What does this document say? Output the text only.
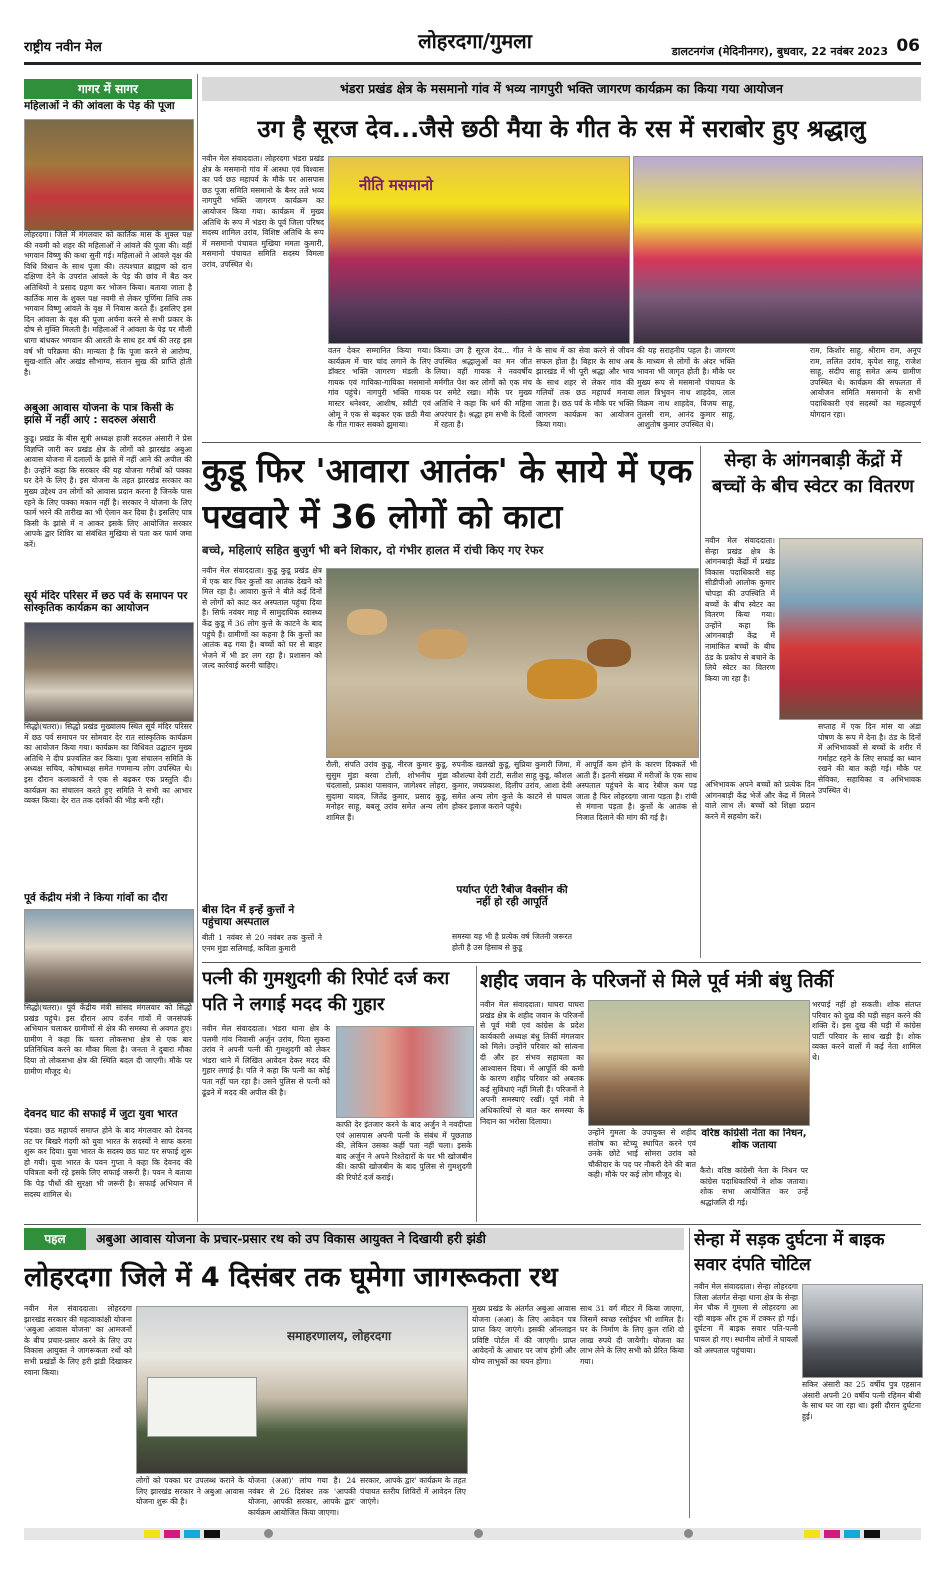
राष्ट्रीय नवीन मेल	लोहरदगा/गुमला	डालटनगंज (मेदिनीनगर), बुधवार, 22 नवंबर 2023 06
गागर में सागर
महिलाओं ने की आंवला के पेड़ की पूजा
लोहरदगा। जिले में मंगलवार को कार्तिक मास के शुक्ल पक्ष की नवमी को शहर की महिलाओं ने आंवले की पूजा की। वहीं भगवान विष्णु की कथा सुनी गई। महिलाओं ने आंवले वृक्ष की विधि विधान के साथ पूजा की। तत्पश्चात ब्राह्मण को दान दक्षिणा देने के उपरांत आंवले के पेड़ की छांव में बैठ कर अतिथियों ने प्रसाद ग्रहण कर भोजन किया। बताया जाता है कार्तिक मास के शुक्ल पक्ष नवमी से लेकर पूर्णिमा तिथि तक भगवान विष्णु आंवले के वृक्ष में निवास करते हैं। इसलिए इस दिन आंवला के वृक्ष की पूजा अर्चना करने से सभी प्रकार के दोष से मुक्ति मिलती है। महिलाओं ने आंवला के पेड़ पर मौली धागा बांधकर भगवान की आरती के साथ हर वर्ष की तरह इस वर्ष भी परिक्रमा की। मान्यता है कि पूजा करने से आरोग्य, सुख-शांति और अखंड सौभाग्य, संतान सुख की प्राप्ति होती है।
अबुआ आवास योजना के पात्र किसी के झांसे में नहीं आएं : सदरुल अंसारी
कुडू। प्रखंड के बीस सूत्री अध्यक्ष हाजी सदरुल अंसारी ने प्रेस विज्ञप्ति जारी कर प्रखंड क्षेत्र के लोगों को झारखंड अबुआ आवास योजना में दलालों के झांसे में नहीं आने की अपील की है। उन्होंने कहा कि सरकार की यह योजना गरीबों को पक्का घर देने के लिए है। इस योजना के तहत झारखंड सरकार का मुख्य उद्देश्य उन लोगों को आवास प्रदान करना है जिनके पास रहने के लिए पक्का मकान नहीं है। सरकार ने योजना के लिए फार्म भरने की तारीख का भी ऐलान कर दिया है। इसलिए पात्र किसी के झांसे में न आकर इसके लिए आयोजित सरकार आपके द्वार शिविर या संबंधित मुखिया से पता कर फार्म जमा करें।
सूर्य मंदिर परिसर में छठ पर्व के समापन पर सांस्कृतिक कार्यक्रम का आयोजन
सिद्धो(चतरा)। सिद्धो प्रखंड मुख्यालय स्थित सूर्य मंदिर परिसर में छठ पर्व समापन पर सोमवार देर रात सांस्कृतिक कार्यक्रम का आयोजन किया गया। कार्यक्रम का विधिवत उद्घाटन मुख्य अतिथि ने दीप प्रज्वलित कर किया। पूजा संचालन समिति के अध्यक्ष सचिव, कोषाध्यक्ष समेत गणमान्य लोग उपस्थित थे। इस दौरान कलाकारों ने एक से बढ़कर एक प्रस्तुति दी। कार्यक्रम का संचालन करते हुए समिति ने सभी का आभार व्यक्त किया। देर रात तक दर्शकों की भीड़ बनी रही।
पूर्व केंद्रीय मंत्री ने किया गांवों का दौरा
सिद्धो(चतरा)। पूर्व केंद्रीय मंत्री सांसद मंगलवार को सिद्धो प्रखंड पहुंचे। इस दौरान आप दर्जन गांवों में जनसंपर्क अभियान चलाकर ग्रामीणों से क्षेत्र की समस्या से अवगत हुए। ग्रामीण ने कहा कि चतरा लोकसभा क्षेत्र से एक बार प्रतिनिधित्व करने का मौका मिला है। जनता ने दुबारा मौका दिया तो लोकसभा क्षेत्र की स्थिति बदल दी जाएगी। मौके पर ग्रामीण मौजूद थे।
देवनद घाट की सफाई में जुटा युवा भारत
चंदवा। छठ महापर्व समाप्त होने के बाद मंगलवार को देवनद तट पर बिखरे गंदगी को युवा भारत के सदस्यों ने साफ करना शुरू कर दिया। युवा भारत के सदस्य छठ घाट पर सफाई शुरू हो गयी। युवा भारत के पवन गुप्ता ने कहा कि देवनद की पवित्रता बनी रहे इसके लिए सफाई जरूरी है। पवन ने बताया कि पेड़ पौधों की सुरक्षा भी जरूरी है। सफाई अभियान में सदस्य शामिल थे।
भंडरा प्रखंड क्षेत्र के मसमानो गांव में भव्य नागपुरी भक्ति जागरण कार्यक्रम का किया गया आयोजन
उग है सूरज देव...जैसे छठी मैया के गीत के रस में सराबोर हुए श्रद्धालु
नवीन मेल संवाददाता। लोहरदगा भंडरा प्रखंड क्षेत्र के मसमानो गांव में आस्था एवं विश्वास का पर्व छठ महापर्व के मौके पर आसपास छठ पूजा समिति मसमानो के बैनर तले भव्य नागपुरी भक्ति जागरण कार्यक्रम का आयोजन किया गया। कार्यक्रम में मुख्य अतिथि के रूप में भंडरा के पूर्व जिला परिषद सदस्य शामिल उरांव, विशिष्ट अतिथि के रूप में मसमानो पंचायत मुखिया ममता कुमारी, मसमानो पंचायत समिति सदस्य विमला उरांव, उपस्थित थे।
नीति मसमानो
वतन देकर सम्मानित किया गया। कार्यक्रम में चार चांद लगाने के लिए डॉक्टर भक्ति जागरण मंडली के गायक एवं गायिका-गायिका मसमानो गांव पहुंचे। नागपुरी भक्ति गायक मास्टर धनेश्वर, आशीष, स्वीटी एवं ओमू ने एक से बढ़कर एक छठी मैया के गीत गाकर सबको झुमाया।
किया। उग है सूरज देव... गीत ने उपस्थित श्रद्धालुओं का मन जीत लिया। वहीं गायक ने नववर्षीय मर्मगीत पेश कर लोगों को एक मंच पर समेटे रखा। मौके पर मुख्य अतिथि ने कहा कि धर्म की महिमा अपरंपार है। श्रद्धा हम सभी के दिलों में रहता है।
के साथ में का सेवा करने से जीवन सफल होता है। बिहार के साथ अब झारखंड में भी पूरी श्रद्धा और भाव के साथ शहर से लेकर गांव की गलियों तक छठ महापर्व मनाया जाता है। छठ पर्व के मौके पर भक्ति जागरण कार्यक्रम का आयोजन किया गया।
की यह सराहनीय पहल है। जागरण के माध्यम से लोगों के अंदर भक्ति भावना भी जागृत होती है। मौके पर मुख्य रूप से मसमानो पंचायत के लाल त्रिभुवन नाथ शाहदेव, लाल विक्रम नाथ शाहदेव, विजय साहू, तुलसी राम, आनंद कुमार साहू, आशुतोष कुमार उपस्थित थे।
राम, किशोर साहू, श्रीराम राम, अनूप राम, ललित उरांव, कृपेश साहू, राजेश साहू, संदीप साहू समेत अन्य ग्रामीण उपस्थित थे। कार्यक्रम की सफलता में आयोजन समिति मसमानो के सभी पदाधिकारी एवं सदस्यों का महत्वपूर्ण योगदान रहा।
कुडू फिर 'आवारा आतंक' के साये में एक पखवारे में 36 लोगों को काटा
बच्चे, महिलाएं सहित बुजुर्ग भी बने शिकार, दो गंभीर हालत में रांची किए गए रेफर
नवीन मेल संवाददाता। कुडू कुडू प्रखंड क्षेत्र में एक बार फिर कुत्तों का आतंक देखने को मिल रहा है। आवारा कुत्ते ने बीते कई दिनों से लोगों को काट कर अस्पताल पहुंचा दिया है। सिर्फ नवंबर माह में सामुदायिक स्वास्थ्य केंद्र कुडू में 36 लोग कुत्ते के काटने के बाद पहुंचे हैं। ग्रामीणों का कहना है कि कुत्तों का आतंक बढ़ गया है। बच्चों को घर से बाहर भेजने में भी डर लग रहा है। प्रशासन को जल्द कार्रवाई करनी चाहिए।
बीस दिन में इन्हें कुत्तों ने पहुंचाया अस्पताल
बीती 1 नवंबर से 20 नवंबर तक कुत्तों ने एनम मुंडा सलिमाई, कविता कुमारी
रौली, संपति उरांव कुडू, नीरज कुमार कुडू, सुसुम मुंडा बरवा टोली, शोभनीय मुंडा चंदलासो, प्रकाश पासवान, जागेश्वर लोहरा, सुदामा यादव, जितेंद्र कुमार, प्रसाद कुडू, मनोहर साहू, बबलू उरांव समेत अन्य लोग शामिल हैं।
रुपनीक खलखो कुडू, सुप्रिया कुमारी जिमा, कौशल्या देवी टाटी, सतीश साहू कुडू, कौशल कुमार, जयप्रकाश, दिलीप उरांव, आशा देवी समेत अन्य लोग कुत्ते के काटने से घायल होकर इलाज कराने पहुंचे।
पर्याप्त एंटी रैबीज वैक्सीन की नहीं हो रही आपूर्ति
समस्या यह भी है प्रत्येक वर्ष जितनी जरूरत होती है उस हिसाब से कुडू
में आपूर्ति कम होने के कारण दिक्कतें भी आती हैं। इतनी संख्या में मरीजों के एक साथ अस्पताल पहुंचने के बाद रेबीज कम पड़ जाता है फिर लोहरदगा जाना पड़ता है। रांची से मंगाना पड़ता है। कुत्तों के आतंक से निजात दिलाने की मांग की गई है।
सेन्हा के आंगनबाड़ी केंद्रों में बच्चों के बीच स्वेटर का वितरण
नवीन मेल संवाददाता। सेन्हा प्रखंड क्षेत्र के आंगनबाड़ी केंद्रों में प्रखंड विकास पदाधिकारी सह सीडीपीओ आलोक कुमार चोपड़ा की उपस्थिति में बच्चों के बीच स्वेटर का वितरण किया गया। उन्होंने कहा कि आंगनबाड़ी केंद्र में नामांकित बच्चों के बीच ठंड के प्रकोप से बचाने के लिये स्वेटर का वितरण किया जा रहा है।
अभिभावक अपने बच्चों को प्रत्येक दिन आंगनबाड़ी केंद्र भेजें और केंद्र में मिलने वाले लाभ लें। बच्चों को शिक्षा प्रदान करने में सहयोग करें।
सप्ताह में एक दिन मांस या अंडा पोषण के रूप में देना है। ठंड के दिनों में अभिभावकों से बच्चों के शरीर में गर्माहट रहने के लिए सफाई का ध्यान रखने की बात कही गई। मौके पर सेविका, सहायिका व अभिभावक उपस्थित थे।
पत्नी की गुमशुदगी की रिपोर्ट दर्ज करा पति ने लगाई मदद की गुहार
नवीन मेल संवाददाता। भंडरा थाना क्षेत्र के पलमी गांव निवासी अर्जुन उरांव, पिता सुकरा उरांव ने अपनी पत्नी की गुमशुदगी को लेकर भंडरा थाने में लिखित आवेदन देकर मदद की गुहार लगाई है। पति ने कहा कि पत्नी का कोई पता नहीं चल रहा है। उसने पुलिस से पत्नी को ढूंढने में मदद की अपील की है।
काफी देर इंतजार करने के बाद अर्जुन ने नवदीप्ता एवं आसपास अपनी पत्नी के संबंध में पूछताछ की, लेकिन उसका कहीं पता नहीं चला। इसके बाद अर्जुन ने अपने रिश्तेदारों के घर भी खोजबीन की। काफी खोजबीन के बाद पुलिस से गुमशुदगी की रिपोर्ट दर्ज कराई।
शहीद जवान के परिजनों से मिले पूर्व मंत्री बंधु तिर्की
नवीन मेल संवाददाता। घाघरा घाघरा प्रखंड क्षेत्र के शहीद जवान के परिजनों से पूर्व मंत्री एवं कांग्रेस के प्रदेश कार्यकारी अध्यक्ष बंधु तिर्की मंगलवार को मिले। उन्होंने परिवार को सांत्वना दी और हर संभव सहायता का आश्वासन दिया। में आपूर्ति की कमी के कारण शहीद परिवार को अबतक कई सुविधाएं नहीं मिली हैं। परिजनों ने अपनी समस्याएं रखीं। पूर्व मंत्री ने अधिकारियों से बात कर समस्या के निदान का भरोसा दिलाया।
उन्होंने गुमला के उपायुक्त से शहीद संतोष का स्टेच्यू स्थापित करने एवं उनके छोटे भाई सोमरा उरांव को चौकीदार के पद पर नौकरी देने की बात कही। मौके पर कई लोग मौजूद थे।
वरिष्ठ कांग्रेसी नेता का निधन, शोक जताया
कैरो। वरिष्ठ कांग्रेसी नेता के निधन पर कांग्रेस पदाधिकारियों ने शोक जताया। शोक सभा आयोजित कर उन्हें श्रद्धांजलि दी गई।
भरपाई नहीं हो सकती। शोक संतप्त परिवार को दुख की घड़ी सहन करने की शक्ति दें। इस दुख की घड़ी में कांग्रेस पार्टी परिवार के साथ खड़ी है। शोक व्यक्त करने वालों में कई नेता शामिल थे।
पहल	अबुआ आवास योजना के प्रचार-प्रसार रथ को उप विकास आयुक्त ने दिखायी हरी झंडी
लोहरदगा जिले में 4 दिसंबर तक घूमेगा जागरूकता रथ
नवीन मेल संवाददाता। लोहरदगा झारखंड सरकार की महत्वाकांक्षी योजना 'अबुआ आवास योजना' का आमजनों के बीच प्रचार-प्रसार करने के लिए उप विकास आयुक्त ने जागरूकता रथों को सभी प्रखंडों के लिए हरी झंडी दिखाकर रवाना किया।
समाहरणालय, लोहरदगा
लोगों को पक्का घर उपलब्ध कराने के लिए झारखंड सरकार ने अबुआ आवास योजना शुरू की है।
योजना (अआ)' लांच गया है। 24 नवंबर से 26 दिसंबर तक 'आपकी योजना, आपकी सरकार, आपके द्वार' कार्यक्रम आयोजित किया जाएगा।
सरकार, आपके द्वार' कार्यक्रम के तहत पंचायत स्तरीय शिविरों में आवेदन लिए जाएंगे।
मुख्य प्रखंड के अंतर्गत अबुआ आवास योजना (अआ) के लिए आवेदन पत्र प्राप्त किए जाएंगे। इसकी ऑनलाइन प्रविष्टि पोर्टल में की जाएगी। प्राप्त आवेदनों के आधार पर जांच होगी और योग्य लाभुकों का चयन होगा।
साथ 31 वर्ग मीटर में किया जाएगा, जिसमें स्वच्छ रसोईघर भी शामिल है। घर के निर्माण के लिए कुल राशि दो लाख रुपये दी जायेगी। योजना का लाभ लेने के लिए सभी को प्रेरित किया गया।
सेन्हा में सड़क दुर्घटना में बाइक सवार दंपति चोटिल
नवीन मेल संवाददाता। सेन्हा लोहरदगा जिला अंतर्गत सेन्हा थाना क्षेत्र के सेन्हा मेन चौक में गुमला से लोहरदगा आ रही बाइक और ट्रक में टक्कर हो गई। दुर्घटना में बाइक सवार पति-पत्नी घायल हो गए। स्थानीय लोगों ने घायलों को अस्पताल पहुंचाया।
सकिर अंसारी का 25 वर्षीय पुत्र एहसान अंसारी अपनी 20 वर्षीय पत्नी रहिमन बीबी के साथ घर जा रहा था। इसी दौरान दुर्घटना हुई।
